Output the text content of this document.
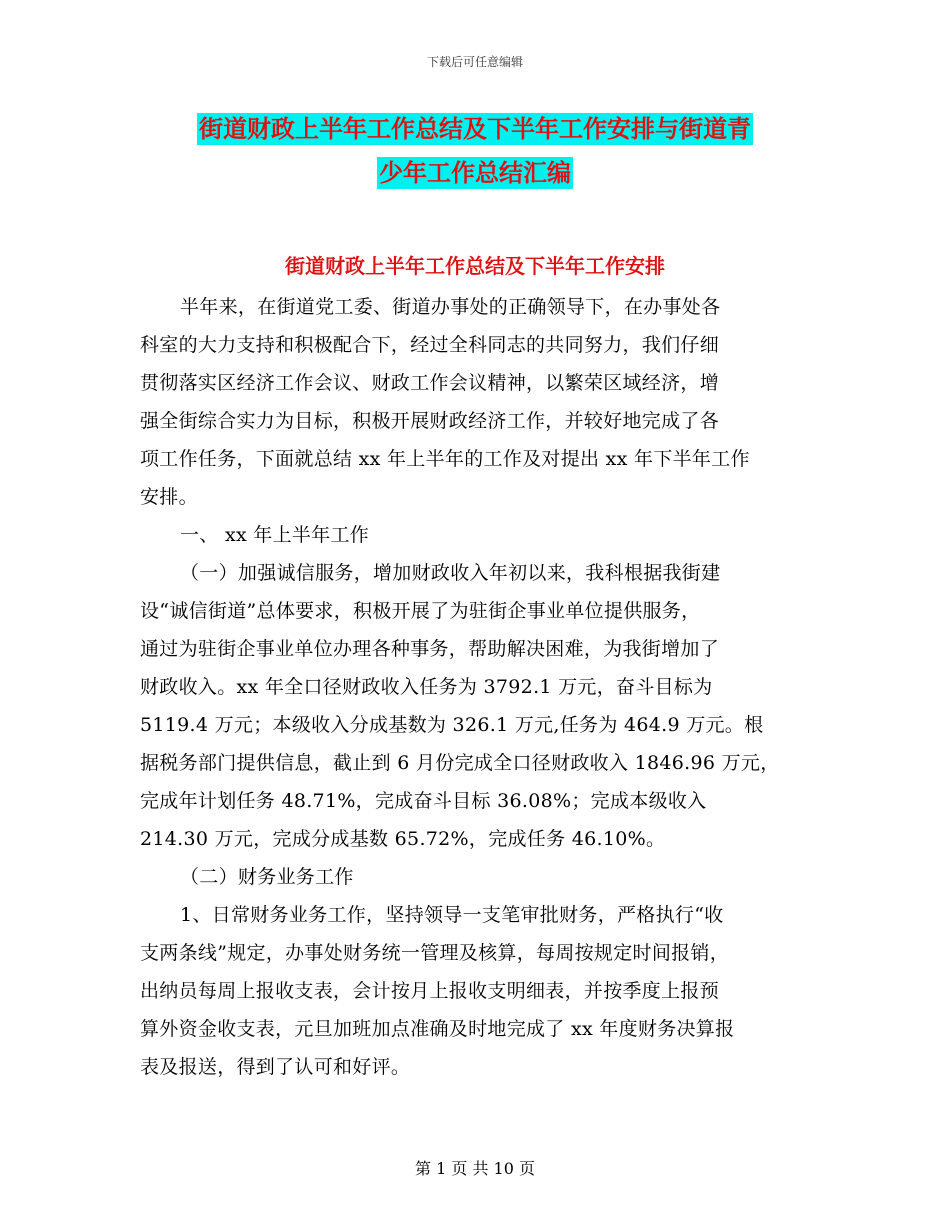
下载后可任意编辑
街道财政上半年工作总结及下半年工作安排与街道青
少年工作总结汇编
街道财政上半年工作总结及下半年工作安排
半年来，在街道党工委、街道办事处的正确领导下，在办事处各
科室的大力支持和积极配合下，经过全科同志的共同努力，我们仔细
贯彻落实区经济工作会议、财政工作会议精神，以繁荣区域经济，增
强全街综合实力为目标，积极开展财政经济工作，并较好地完成了各
项工作任务，下面就总结 xx 年上半年的工作及对提出 xx 年下半年工作
安排。
一、 xx 年上半年工作
（一）加强诚信服务，增加财政收入年初以来，我科根据我街建
设“诚信街道”总体要求，积极开展了为驻街企事业单位提供服务，
通过为驻街企事业单位办理各种事务，帮助解决困难，为我街增加了
财政收入。xx 年全口径财政收入任务为 3792.1 万元，奋斗目标为
5119.4 万元；本级收入分成基数为 326.1 万元,任务为 464.9 万元。根
据税务部门提供信息，截止到 6 月份完成全口径财政收入 1846.96 万元，
完成年计划任务 48.71%，完成奋斗目标 36.08%；完成本级收入
214.30 万元，完成分成基数 65.72%，完成任务 46.10%。
（二）财务业务工作
1、日常财务业务工作，坚持领导一支笔审批财务，严格执行“收
支两条线”规定，办事处财务统一管理及核算，每周按规定时间报销，
出纳员每周上报收支表，会计按月上报收支明细表，并按季度上报预
算外资金收支表，元旦加班加点准确及时地完成了 xx 年度财务决算报
表及报送，得到了认可和好评。
第 1 页 共 10 页
